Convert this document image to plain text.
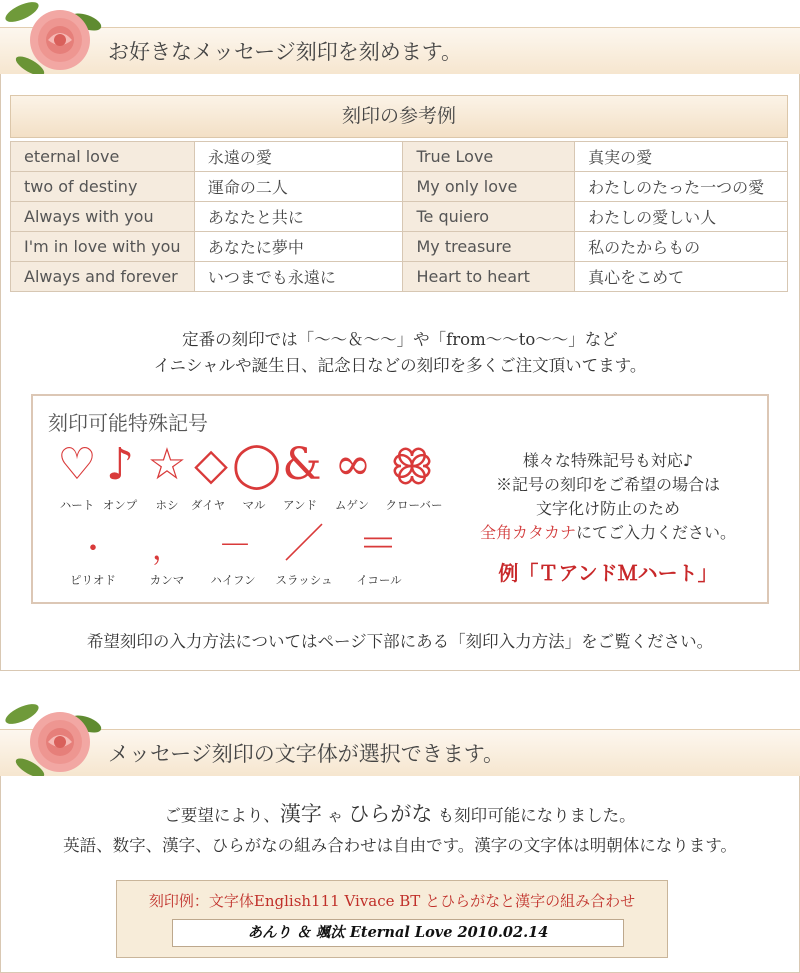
お好きなメッセージ刻印を刻めます。
刻印の参考例
eternal love	永遠の愛	True Love	真実の愛
two of destiny	運命の二人	My only love	わたしのたった一つの愛
Always with you	あなたと共に	Te quiero	わたしの愛しい人
I'm in love with you	あなたに夢中	My treasure	私のたからもの
Always and forever	いつまでも永遠に	Heart to heart	真心をこめて
定番の刻印では「～～＆～～」や「from～～to～～」など
イニシャルや誕生日、記念日などの刻印を多くご注文頂いてます。
刻印可能特殊記号
♡ ♪ ☆ ◇ ◯ & ∞
ハート オンプ	ホシ	ダイヤ	マル	アンド	ムゲン	クローバー
・	， － ／ ＝
ピリオド	カンマ	ハイフン	スラッシュ	イコール
様々な特殊記号も対応♪
※記号の刻印をご希望の場合は
文字化け防止のため
全角カタカナにてご入力ください。
例「ＴアンドＭハート」
希望刻印の入力方法についてはページ下部にある「刻印入力方法」をご覧ください。
メッセージ刻印の文字体が選択できます。
ご要望により、漢字 ゃ ひらがな も刻印可能になりました。
英語、数字、漢字、ひらがなの組み合わせは自由です。漢字の文字体は明朝体になります。
刻印例：文字体English111 Vivace BT とひらがなと漢字の組み合わせ
あんり ＆ 颯汰 Eternal Love 2010.02.14
